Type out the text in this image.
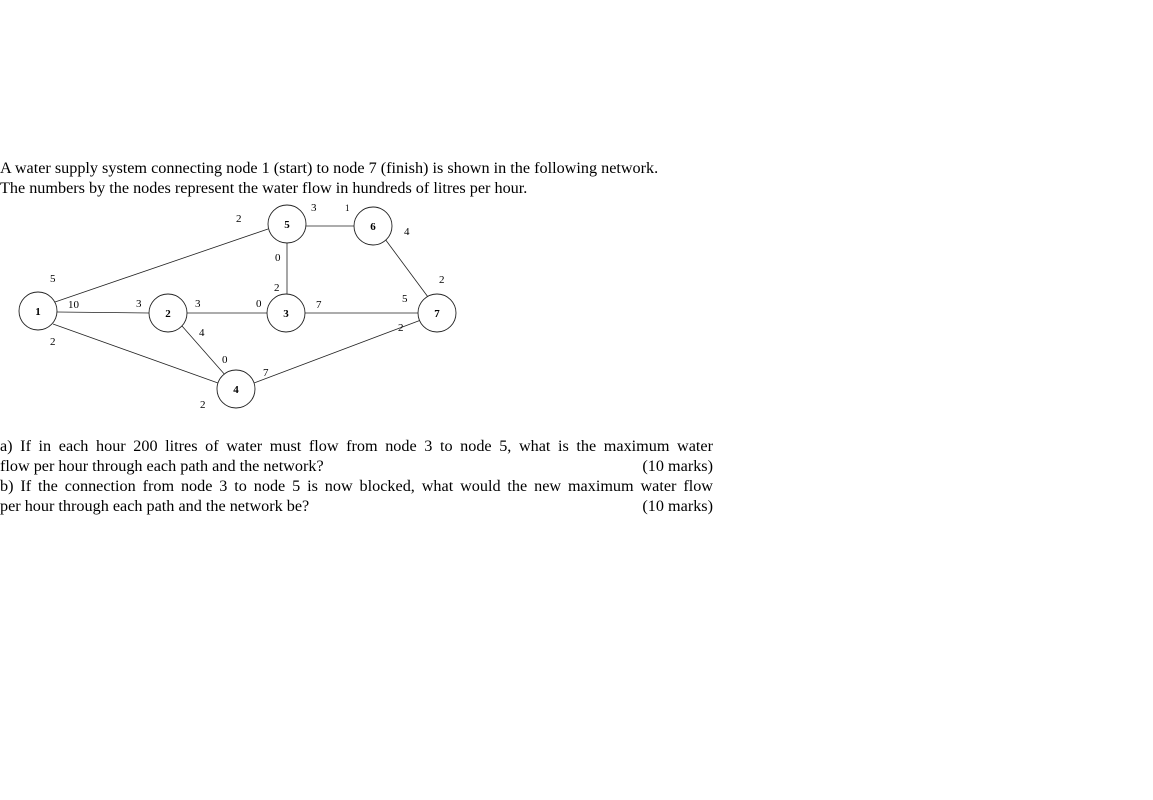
A water supply system connecting node 1 (start) to node 7 (finish) is shown in the following network.

The numbers by the nodes represent the water flow in hundreds of litres per hour.

1	2	3
4
5	6
7
5
10
2
3	3
4
0
2
7
2
0
3
2
0	7
1
4
2
5
2
a) If in each hour 200 litres of water must flow from node 3 to node 5, what is the maximum water
flow per hour through each path and the network?	(10 marks)
b) If the connection from node 3 to node 5 is now blocked, what would the new maximum water flow
per hour through each path and the network be?	(10 marks)
